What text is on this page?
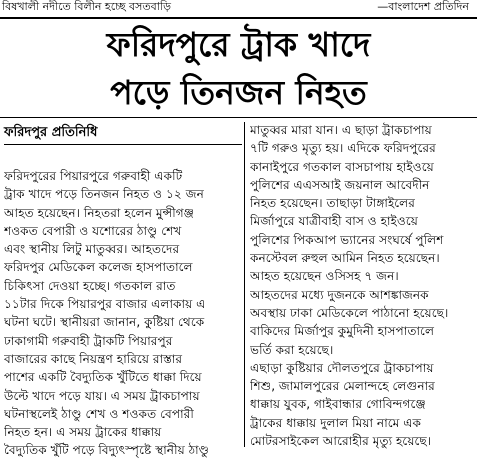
বিষখালী নদীতে বিলীন হচ্ছে বসতবাড়ি	—বাংলাদেশ প্রতিদিন
ফরিদপুরে ট্রাক খাদে
পড়ে তিনজন নিহত
ফরিদপুর প্রতিনিধি

ফরিদপুরের পিয়ারপুরে গরুবাহী একটি

ট্রাক খাদে পড়ে তিনজন নিহত ও ১২ জন

আহত হয়েছেন। নিহতরা হলেন মুন্সীগঞ্জ

শওকত বেপারী ও যশোরের ঠাণ্ডু শেখ

এবং স্থানীয় লিটু মাতুব্বর। আহতদের

ফরিদপুর মেডিকেল কলেজ হাসপাতালে

চিকিৎসা দেওয়া হচ্ছে। গতকাল রাত

১১টার দিকে পিয়ারপুর বাজার এলাকায় এ

ঘটনা ঘটে। স্থানীয়রা জানান, কুষ্টিয়া থেকে

ঢাকাগামী গরুবাহী ট্রাকটি পিয়ারপুর

বাজারের কাছে নিয়ন্ত্রণ হারিয়ে রাস্তার

পাশের একটি বৈদ্যুতিক খুঁটিতে ধাক্কা দিয়ে

উল্টে খাদে পড়ে যায়। এ সময় ট্রাকচাপায়

ঘটনাস্থলেই ঠাণ্ডু শেখ ও শওকত বেপারী

নিহত হন। এ সময় ট্রাকের ধাক্কায়

বৈদ্যুতিক খুঁটি পড়ে বিদ্যুৎস্পৃষ্টে স্থানীয় ঠাণ্ডু

মাতুব্বর মারা যান। এ ছাড়া ট্রাকচাপায়

৭টি গরুও মৃত্যু হয়। এদিকে ফরিদপুরের

কানাইপুরে গতকাল বাসচাপায় হাইওয়ে

পুলিশের এএসআই জয়নাল আবেদীন

নিহত হয়েছেন। তাছাড়া টাঙ্গাইলের

মির্জাপুরে যাত্রীবাহী বাস ও হাইওয়ে

পুলিশের পিকআপ ভ্যানের সংঘর্ষে পুলিশ

কনস্টেবল রুহুল আমিন নিহত হয়েছেন।

আহত হয়েছেন ওসিসহ ৭ জন।

আহতদের মধ্যে দুজনকে আশঙ্কাজনক

অবস্থায় ঢাকা মেডিকেলে পাঠানো হয়েছে।

বাকিদের মির্জাপুর কুমুদিনী হাসপাতালে

ভর্তি করা হয়েছে।

এছাড়া কুষ্টিয়ার দৌলতপুরে ট্রাকচাপায়

শিশু, জামালপুরের মেলান্দহে লেগুনার

ধাক্কায় যুবক, গাইবান্ধার গোবিন্দগঞ্জে

ট্রাকের ধাক্কায় দুলাল মিয়া নামে এক

মোটরসাইকেল আরোহীর মৃত্যু হয়েছে।
